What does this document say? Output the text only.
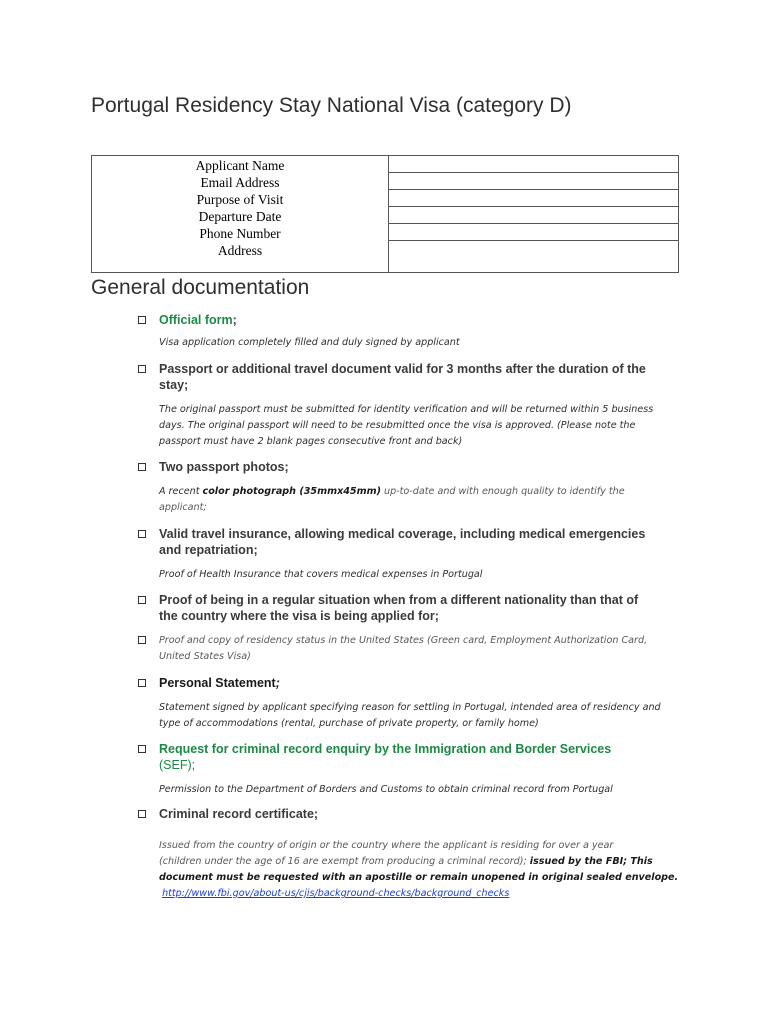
Portugal Residency Stay National Visa (category D)
Applicant Name
Email Address
Purpose of Visit
Departure Date
Phone Number
Address

General documentation
Official form;
Visa application completely filled and duly signed by applicant
Passport or additional travel document valid for 3 months after the duration of the
stay;
The original passport must be submitted for identity verification and will be returned within 5 business
days. The original passport will need to be resubmitted once the visa is approved. (Please note the
passport must have 2 blank pages consecutive front and back)
Two passport photos;
A recent color photograph (35mmx45mm) up-to-date and with enough quality to identify the
applicant;
Valid travel insurance, allowing medical coverage, including medical emergencies
and repatriation;
Proof of Health Insurance that covers medical expenses in Portugal
Proof of being in a regular situation when from a different nationality than that of
the country where the visa is being applied for;
Proof and copy of residency status in the United States (Green card, Employment Authorization Card,
United States Visa)
Personal Statement;
Statement signed by applicant specifying reason for settling in Portugal, intended area of residency and
type of accommodations (rental, purchase of private property, or family home)
Request for criminal record enquiry by the Immigration and Border Services
(SEF);
Permission to the Department of Borders and Customs to obtain criminal record from Portugal
Criminal record certificate;
Issued from the country of origin or the country where the applicant is residing for over a year
(children under the age of 16 are exempt from producing a criminal record); issued by the FBI; This
document must be requested with an apostille or remain unopened in original sealed envelope.
http://www.fbi.gov/about-us/cjis/background-checks/background_checks
